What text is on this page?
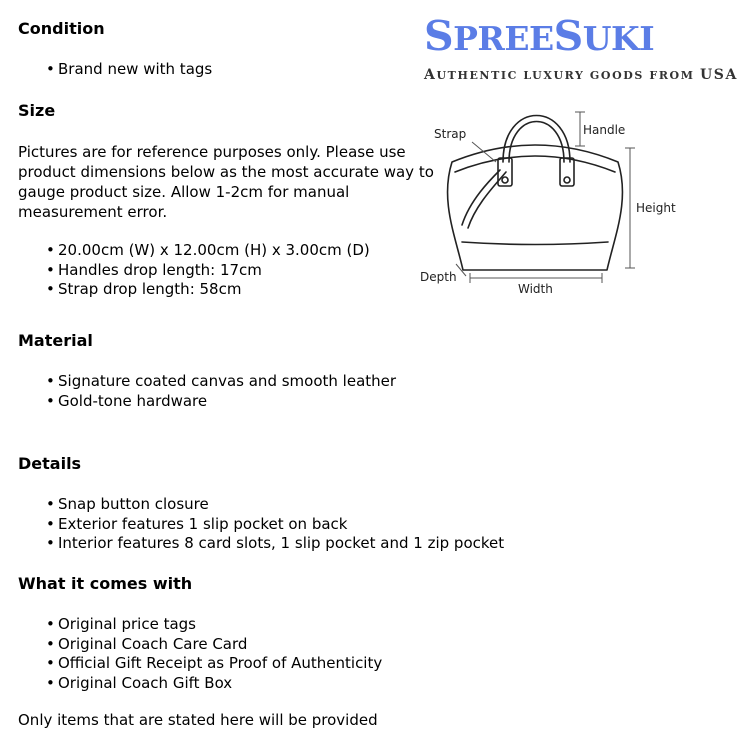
SPREESUKI
AUTHENTIC LUXURY GOODS FROM USA
Condition
• Brand new with tags
Size
Pictures are for reference purposes only. Please use
product dimensions below as the most accurate way to
gauge product size. Allow 1-2cm for manual
measurement error.
• 20.00cm (W) x 12.00cm (H) x 3.00cm (D)
• Handles drop length: 17cm
• Strap drop length: 58cm
Strap	Handle
Height
Depth
Width
Material
• Signature coated canvas and smooth leather
• Gold-tone hardware
Details
• Snap button closure
• Exterior features 1 slip pocket on back
• Interior features 8 card slots, 1 slip pocket and 1 zip pocket
What it comes with
• Original price tags
• Original Coach Care Card
• Official Gift Receipt as Proof of Authenticity
• Original Coach Gift Box

Only items that are stated here will be provided
